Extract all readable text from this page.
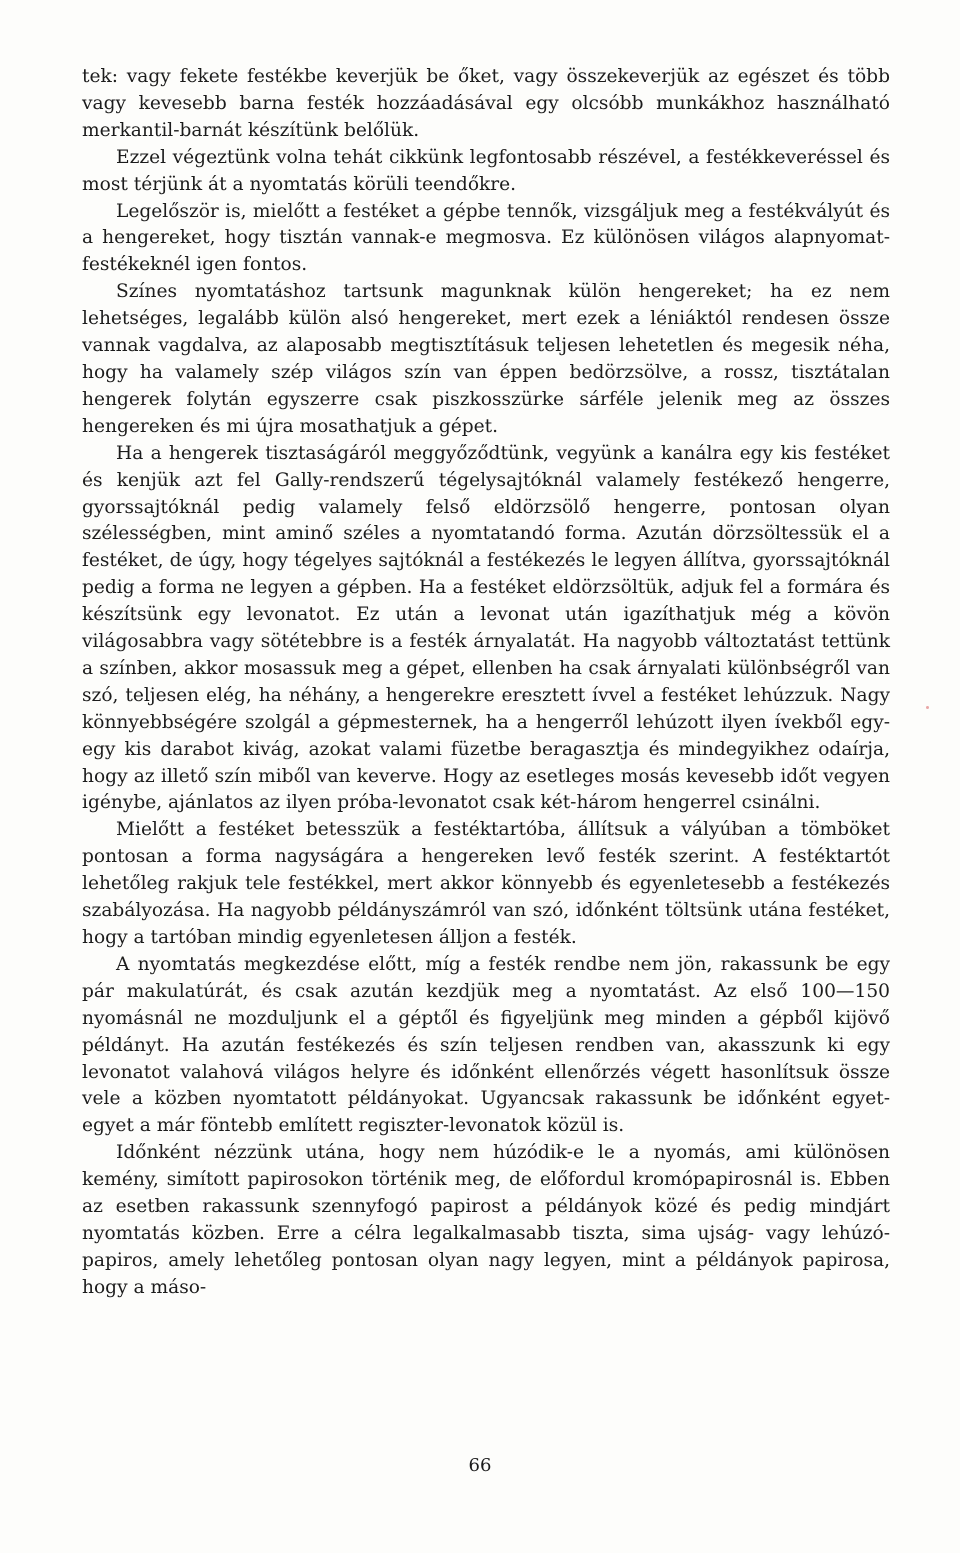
tek: vagy fekete festékbe keverjük be őket, vagy összekeverjük az egészet és több vagy kevesebb barna festék hozzáadásával egy olcsóbb munkákhoz használható merkantil-barnát készítünk belőlük.

Ezzel végeztünk volna tehát cikkünk legfontosabb részével, a festékkeveréssel és most térjünk át a nyomtatás körüli teendőkre.

Legelőször is, mielőtt a festéket a gépbe tennők, vizsgáljuk meg a festékvályút és a hengereket, hogy tisztán vannak-e megmosva. Ez különösen világos alapnyomat-festékeknél igen fontos.

Színes nyomtatáshoz tartsunk magunknak külön hengereket; ha ez nem lehetséges, legalább külön alsó hengereket, mert ezek a léniáktól rendesen össze vannak vagdalva, az alaposabb megtisztításuk teljesen lehetetlen és megesik néha, hogy ha valamely szép világos szín van éppen bedörzsölve, a rossz, tisztátalan hengerek folytán egyszerre csak piszkosszürke sárféle jelenik meg az összes hengereken és mi újra mosathatjuk a gépet.

Ha a hengerek tisztaságáról meggyőződtünk, vegyünk a kanálra egy kis festéket és kenjük azt fel Gally-rendszerű tégelysajtóknál valamely festékező hengerre, gyorssajtóknál pedig valamely felső eldörzsölő hengerre, pontosan olyan szélességben, mint aminő széles a nyomtatandó forma. Azután dörzsöltessük el a festéket, de úgy, hogy tégelyes sajtóknál a festékezés le legyen állítva, gyorssajtóknál pedig a forma ne legyen a gépben. Ha a festéket eldörzsöltük, adjuk fel a formára és készítsünk egy levonatot. Ez után a levonat után igazíthatjuk még a kövön világosabbra vagy sötétebbre is a festék árnyalatát. Ha nagyobb változtatást tettünk a színben, akkor mosassuk meg a gépet, ellenben ha csak árnyalati különbségről van szó, teljesen elég, ha néhány, a hengerekre eresztett ívvel a festéket lehúzzuk. Nagy könnyebbségére szolgál a gépmesternek, ha a hengerről lehúzott ilyen ívekből egy-egy kis darabot kivág, azokat valami füzetbe beragasztja és mindegyikhez odaírja, hogy az illető szín miből van keverve. Hogy az esetleges mosás kevesebb időt vegyen igénybe, ajánlatos az ilyen próba-levonatot csak két-három hengerrel csinálni.

Mielőtt a festéket betesszük a festéktartóba, állítsuk a vályúban a tömböket pontosan a forma nagyságára a hengereken levő festék szerint. A festéktartót lehetőleg rakjuk tele festékkel, mert akkor könnyebb és egyenletesebb a festékezés szabályozása. Ha nagyobb példányszámról van szó, időnként töltsünk utána festéket, hogy a tartóban mindig egyenletesen álljon a festék.

A nyomtatás megkezdése előtt, míg a festék rendbe nem jön, rakassunk be egy pár makulatúrát, és csak azután kezdjük meg a nyomtatást. Az első 100—150 nyomásnál ne mozduljunk el a géptől és figyeljünk meg minden a gépből kijövő példányt. Ha azután festékezés és szín teljesen rendben van, akasszunk ki egy levonatot valahová világos helyre és időnként ellenőrzés végett hasonlítsuk össze vele a közben nyomtatott példányokat. Ugyancsak rakassunk be időnként egyet-egyet a már föntebb említett regiszter-levonatok közül is.

Időnként nézzünk utána, hogy nem húzódik-e le a nyomás, ami különösen kemény, simított papirosokon történik meg, de előfordul kromópapirosnál is. Ebben az esetben rakassunk szennyfogó papirost a példányok közé és pedig mindjárt nyomtatás közben. Erre a célra legalkalmasabb tiszta, sima ujság- vagy lehúzó-papiros, amely lehetőleg pontosan olyan nagy legyen, mint a példányok papirosa, hogy a máso-

66
